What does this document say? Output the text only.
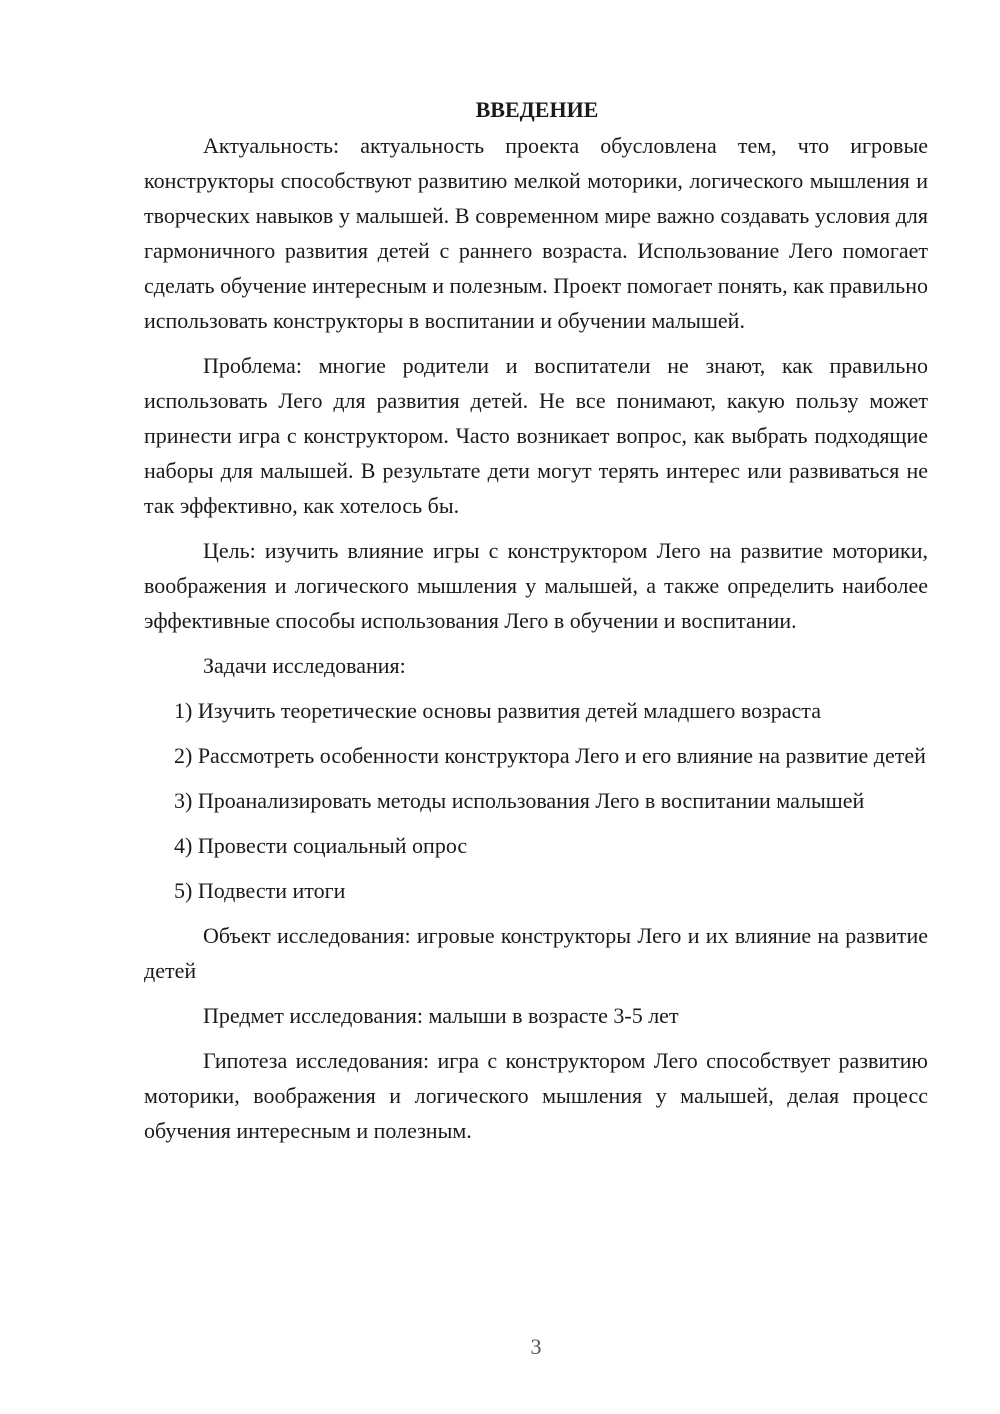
ВВЕДЕНИЕ
Актуальность: актуальность проекта обусловлена тем, что игровые конструкторы способствуют развитию мелкой моторики, логического мышления и творческих навыков у малышей. В современном мире важно создавать условия для гармоничного развития детей с раннего возраста. Использование Лего помогает сделать обучение интересным и полезным. Проект помогает понять, как правильно использовать конструкторы в воспитании и обучении малышей.
Проблема: многие родители и воспитатели не знают, как правильно использовать Лего для развития детей. Не все понимают, какую пользу может принести игра с конструктором. Часто возникает вопрос, как выбрать подходящие наборы для малышей. В результате дети могут терять интерес или развиваться не так эффективно, как хотелось бы.
Цель: изучить влияние игры с конструктором Лего на развитие моторики, воображения и логического мышления у малышей, а также определить наиболее эффективные способы использования Лего в обучении и воспитании.
Задачи исследования:
1) Изучить теоретические основы развития детей младшего возраста
2) Рассмотреть особенности конструктора Лего и его влияние на развитие детей
3) Проанализировать методы использования Лего в воспитании малышей
4) Провести социальный опрос
5) Подвести итоги
Объект исследования: игровые конструкторы Лего и их влияние на развитие детей
Предмет исследования: малыши в возрасте 3-5 лет
Гипотеза исследования: игра с конструктором Лего способствует развитию моторики, воображения и логического мышления у малышей, делая процесс обучения интересным и полезным.
3
